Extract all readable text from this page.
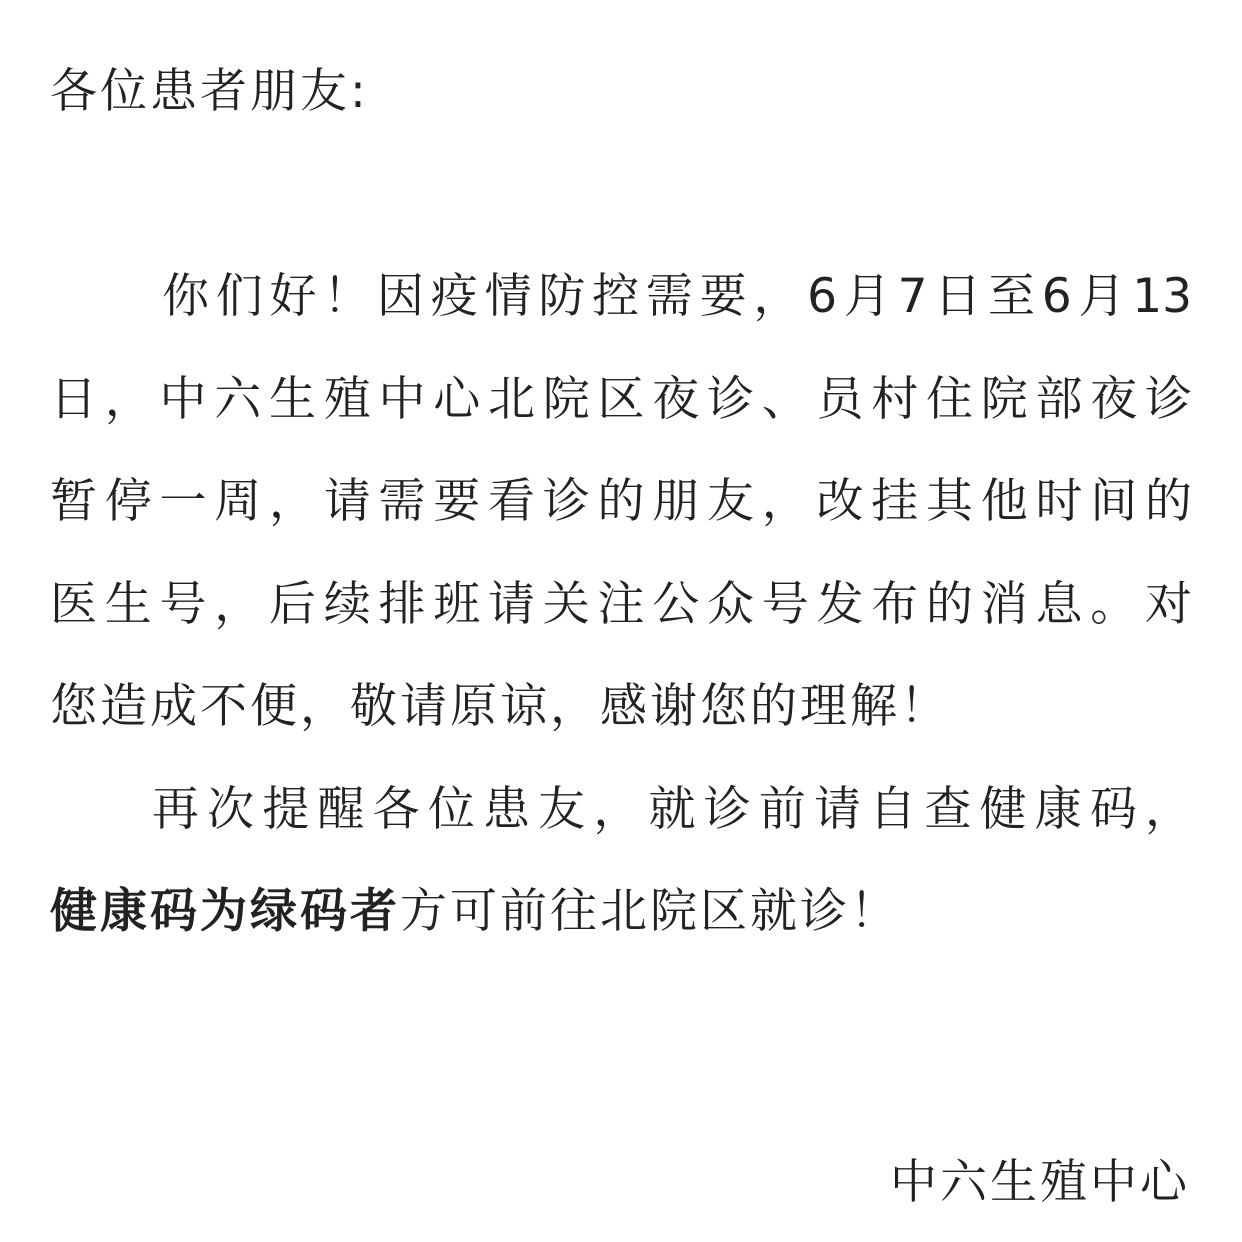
各位患者朋友:
你们好！因疫情防控需要，6月7日至6月13
日，中六生殖中心北院区夜诊、员村住院部夜诊
暂停一周，请需要看诊的朋友，改挂其他时间的
医生号，后续排班请关注公众号发布的消息。对
您造成不便，敬请原谅，感谢您的理解！
再次提醒各位患友，就诊前请自查健康码，
健康码为绿码者方可前往北院区就诊！
中六生殖中心
